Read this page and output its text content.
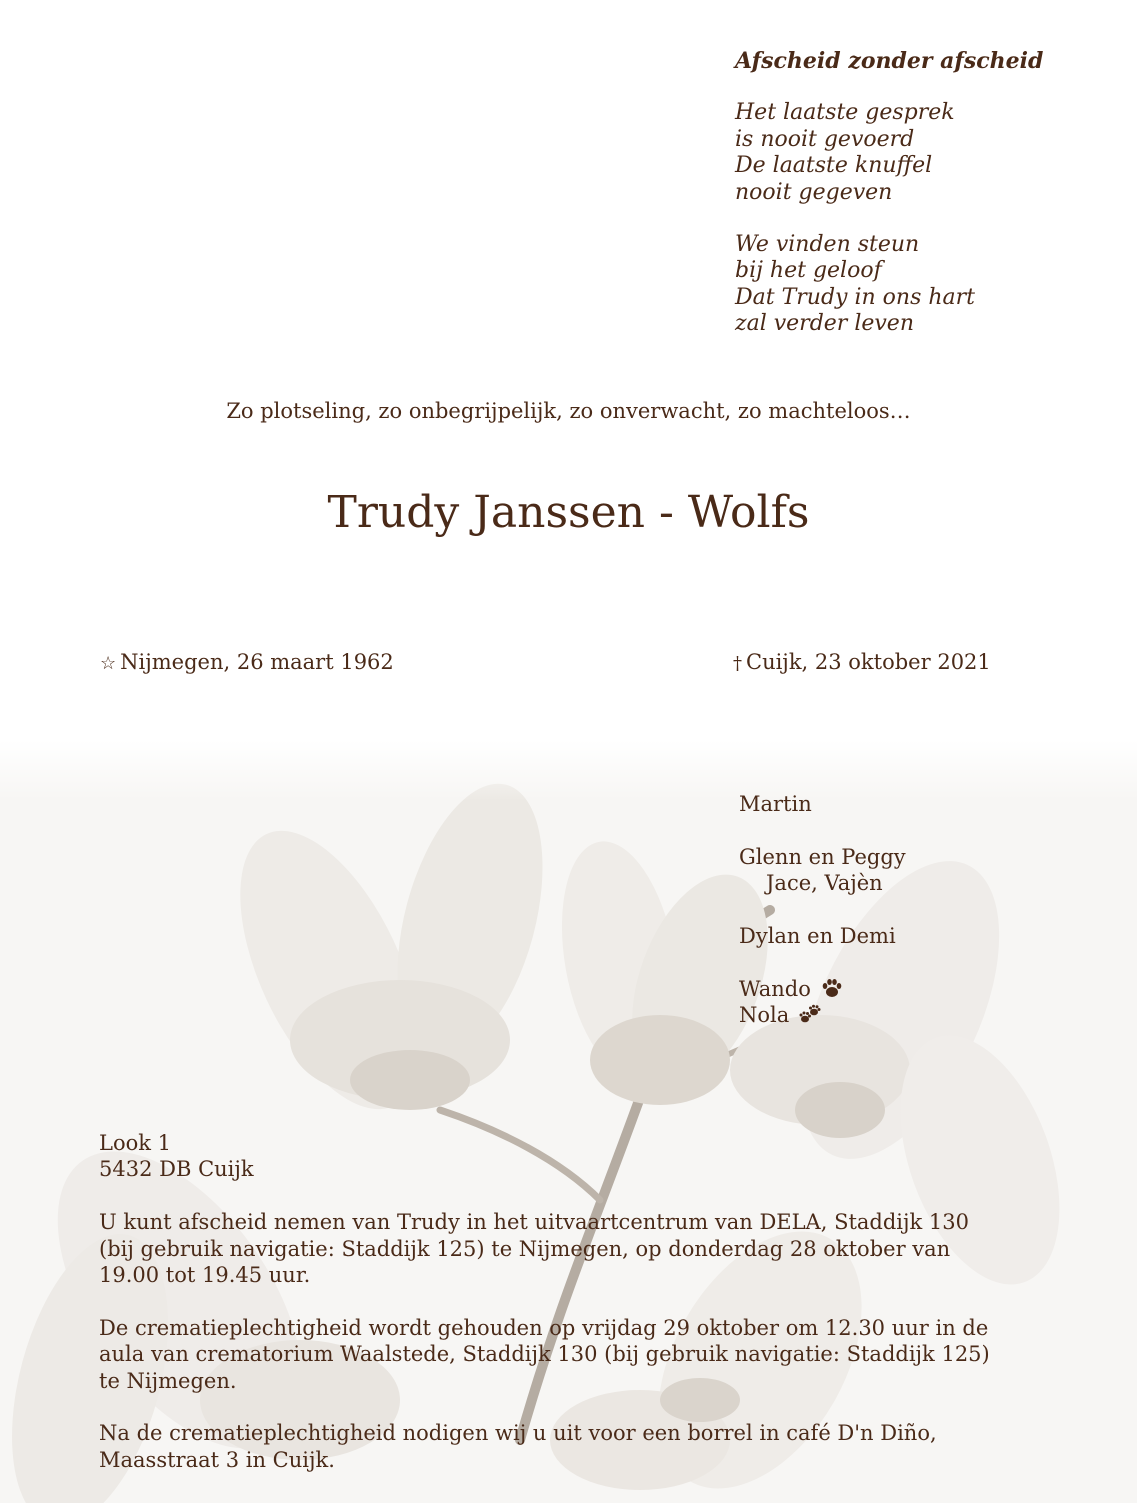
Afscheid zonder afscheid
Het laatste gesprek
is nooit gevoerd
De laatste knuffel
nooit gegeven
We vinden steun
bij het geloof
Dat Trudy in ons hart
zal verder leven
Zo plotseling, zo onbegrijpelijk, zo onverwacht, zo machteloos…
Trudy Janssen - Wolfs
☆ Nijmegen, 26 maart 1962	† Cuijk, 23 oktober 2021
Martin
Glenn en Peggy
Jace, Vajèn
Dylan en Demi
Wando
Nola
Look 1
5432 DB Cuijk
U kunt afscheid nemen van Trudy in het uitvaartcentrum van DELA, Staddijk 130
(bij gebruik navigatie: Staddijk 125) te Nijmegen, op donderdag 28 oktober van
19.00 tot 19.45 uur.
De crematieplechtigheid wordt gehouden op vrijdag 29 oktober om 12.30 uur in de
aula van crematorium Waalstede, Staddijk 130 (bij gebruik navigatie: Staddijk 125)
te Nijmegen.
Na de crematieplechtigheid nodigen wij u uit voor een borrel in café D'n Diño,
Maasstraat 3 in Cuijk.
